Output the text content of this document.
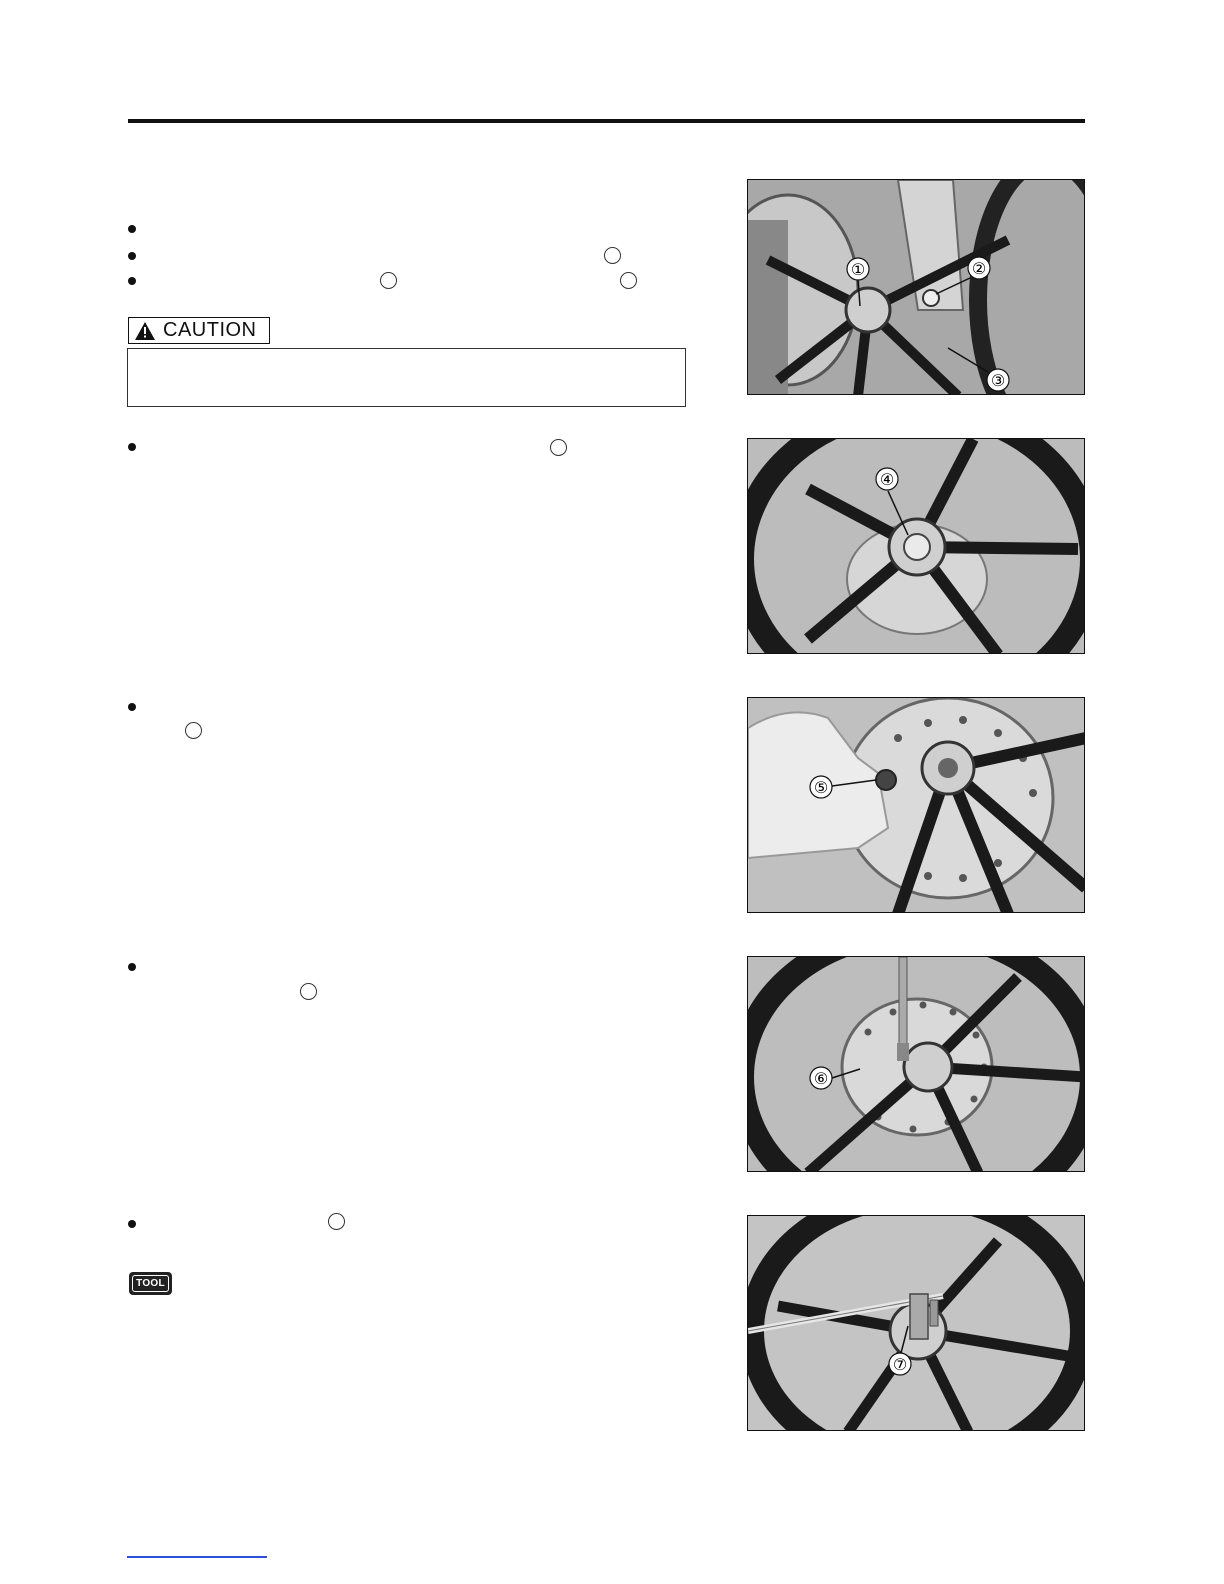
CAUTION
TOOL
①	②
③
④
⑤
⑥
⑦
